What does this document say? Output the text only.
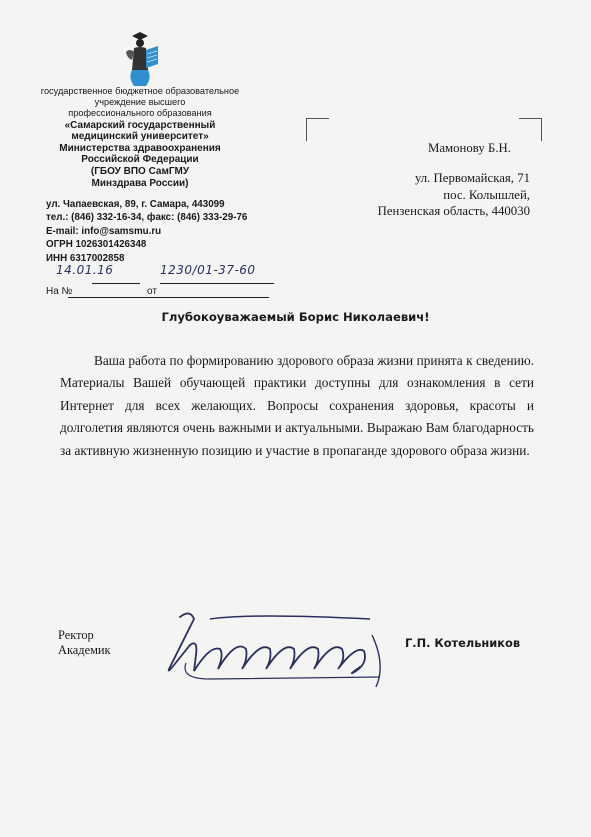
государственное бюджетное образовательное
учреждение высшего
профессионального образования
«Самарский государственный
медицинский университет»
Министерства здравоохранения
Российской Федерации
(ГБОУ ВПО СамГМУ
Минздрава России)
ул. Чапаевская, 89, г. Самара, 443099
тел.: (846) 332-16-34, факс: (846) 333-29-76
E-mail: info@samsmu.ru
ОГРН 1026301426348
ИНН 6317002858
14.01.16	1230/01-37-60
На №	от
Мамонову Б.Н.
ул. Первомайская, 71
пос. Колышлей,
Пензенская область, 440030
Глубокоуважаемый Борис Николаевич!
Ваша работа по формированию здорового образа жизни принята к сведению. Материалы Вашей обучающей практики доступны для ознакомления в сети Интернет для всех желающих. Вопросы сохранения здоровья, красоты и долголетия являются очень важными и актуальными. Выражаю Вам благодарность за активную жизненную позицию и участие в пропаганде здорового образа жизни.
Ректор
Академик
Г.П. Котельников
